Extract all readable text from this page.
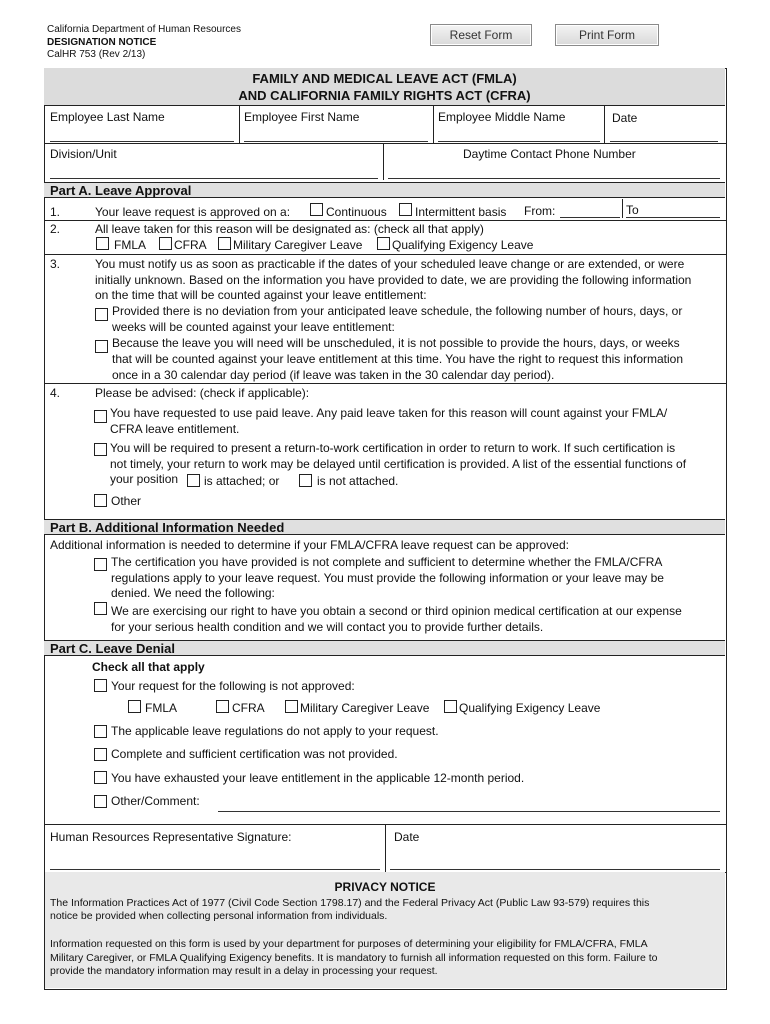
California Department of Human Resources
DESIGNATION NOTICE
CalHR 753 (Rev 2/13)
Reset Form	Print Form
FAMILY AND MEDICAL LEAVE ACT (FMLA)
AND CALIFORNIA FAMILY RIGHTS ACT (CFRA)
Employee Last Name	Employee First Name	Employee Middle Name	Date
Division/Unit	Daytime Contact Phone Number
Part A. Leave Approval
1.	Your leave request is approved on a:	Continuous Intermittent basis From:	To
2.	All leave taken for this reason will be designated as: (check all that apply)
FMLA CFRA Military Caregiver Leave Qualifying Exigency Leave
3.	You must notify us as soon as practicable if the dates of your scheduled leave change or are extended, or were
initially unknown. Based on the information you have provided to date, we are providing the following information
on the time that will be counted against your leave entitlement:
Provided there is no deviation from your anticipated leave schedule, the following number of hours, days, or
weeks will be counted against your leave entitlement:
Because the leave you will need will be unscheduled, it is not possible to provide the hours, days, or weeks
that will be counted against your leave entitlement at this time. You have the right to request this information
once in a 30 calendar day period (if leave was taken in the 30 calendar day period).
4.	Please be advised: (check if applicable):
You have requested to use paid leave. Any paid leave taken for this reason will count against your FMLA/
CFRA leave entitlement.
You will be required to present a return-to-work certification in order to return to work. If such certification is
not timely, your return to work may be delayed until certification is provided. A list of the essential functions of
your position is attached; or	is not attached.
Other
Part B. Additional Information Needed
Additional information is needed to determine if your FMLA/CFRA leave request can be approved:
The certification you have provided is not complete and sufficient to determine whether the FMLA/CFRA
regulations apply to your leave request. You must provide the following information or your leave may be
denied. We need the following:
We are exercising our right to have you obtain a second or third opinion medical certification at our expense
for your serious health condition and we will contact you to provide further details.
Part C. Leave Denial
Check all that apply
Your request for the following is not approved:
FMLA	CFRA	Military Caregiver Leave Qualifying Exigency Leave
The applicable leave regulations do not apply to your request.
Complete and sufficient certification was not provided.
You have exhausted your leave entitlement in the applicable 12-month period.
Other/Comment:
Human Resources Representative Signature:	Date
PRIVACY NOTICE
The Information Practices Act of 1977 (Civil Code Section 1798.17) and the Federal Privacy Act (Public Law 93-579) requires this
notice be provided when collecting personal information from individuals.
Information requested on this form is used by your department for purposes of determining your eligibility for FMLA/CFRA, FMLA
Military Caregiver, or FMLA Qualifying Exigency benefits. It is mandatory to furnish all information requested on this form. Failure to
provide the mandatory information may result in a delay in processing your request.
